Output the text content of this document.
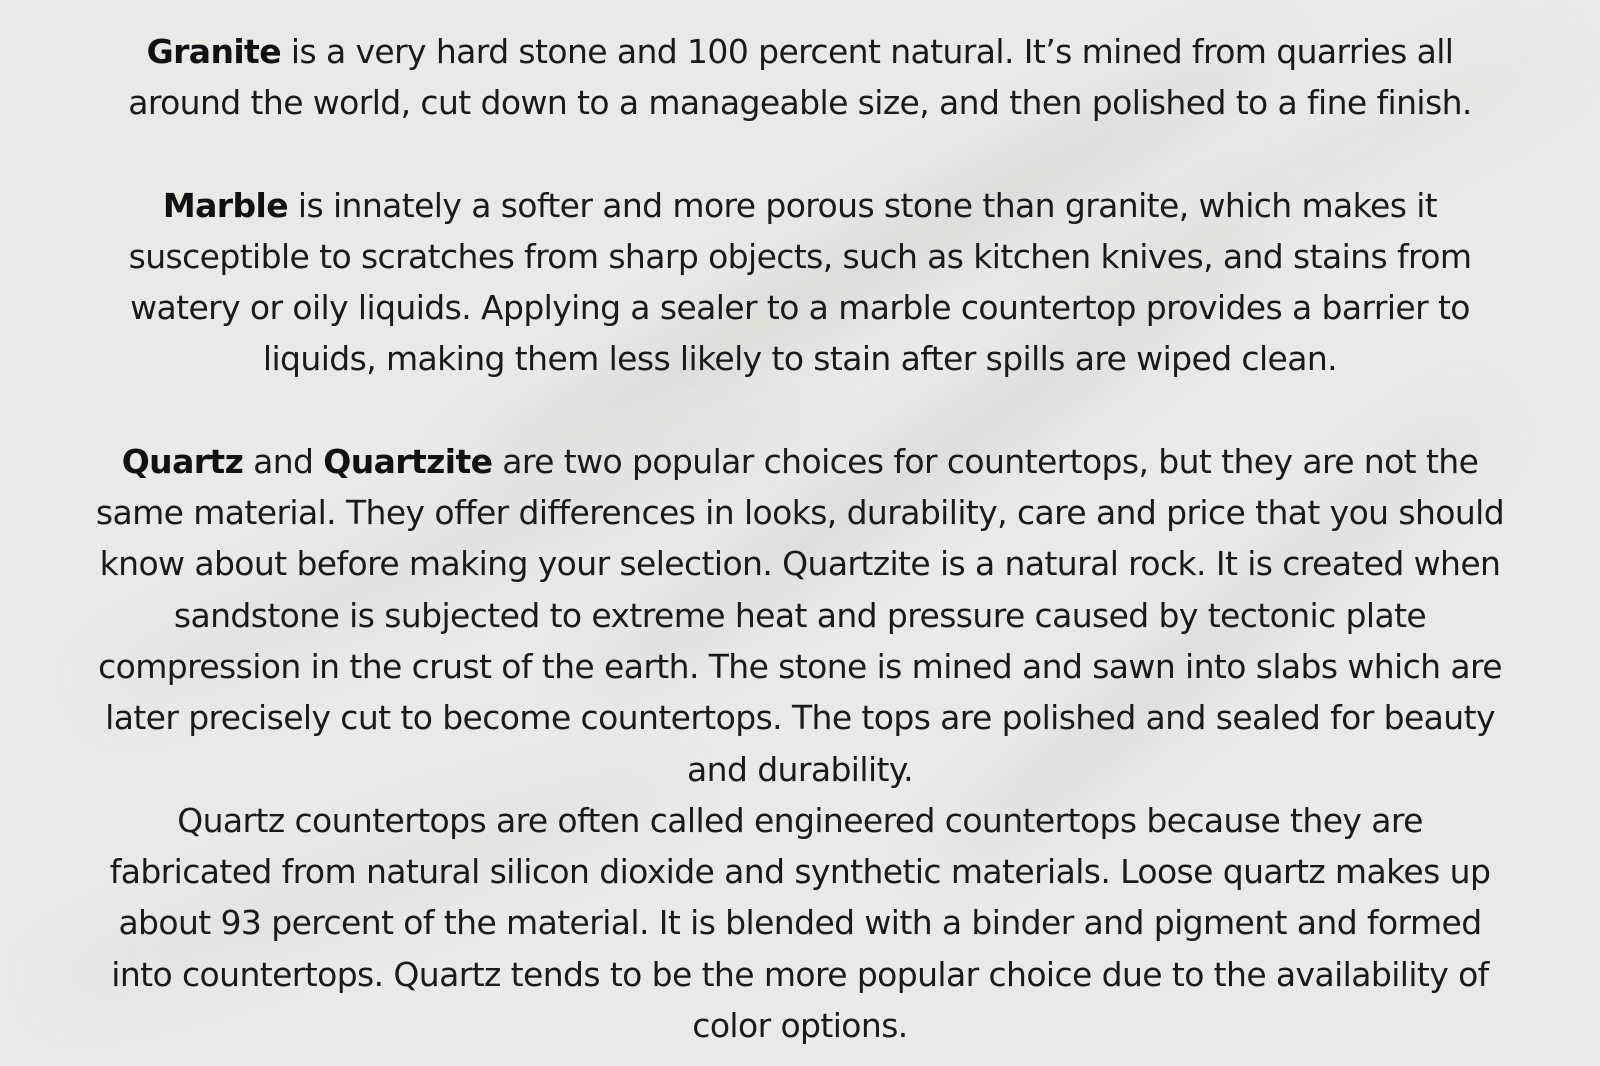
Granite is a very hard stone and 100 percent natural. It’s mined from quarries all
around the world, cut down to a manageable size, and then polished to a fine finish.

Marble is innately a softer and more porous stone than granite, which makes it
susceptible to scratches from sharp objects, such as kitchen knives, and stains from
watery or oily liquids. Applying a sealer to a marble countertop provides a barrier to
liquids, making them less likely to stain after spills are wiped clean.

Quartz and Quartzite are two popular choices for countertops, but they are not the
same material. They offer differences in looks, durability, care and price that you should
know about before making your selection. Quartzite is a natural rock. It is created when
sandstone is subjected to extreme heat and pressure caused by tectonic plate
compression in the crust of the earth. The stone is mined and sawn into slabs which are
later precisely cut to become countertops. The tops are polished and sealed for beauty
and durability.

Quartz countertops are often called engineered countertops because they are
fabricated from natural silicon dioxide and synthetic materials. Loose quartz makes up
about 93 percent of the material. It is blended with a binder and pigment and formed
into countertops. Quartz tends to be the more popular choice due to the availability of
color options.
